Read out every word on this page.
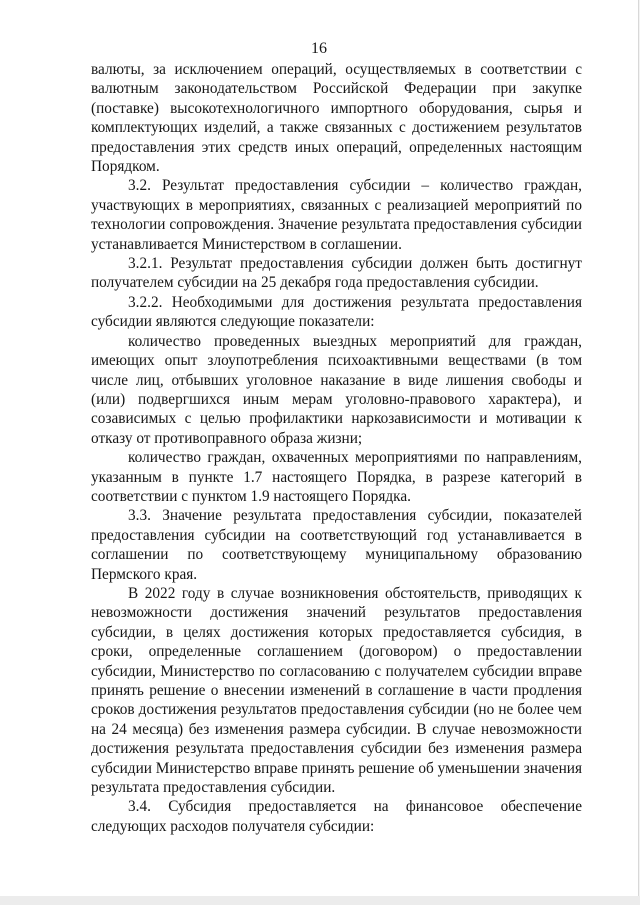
16

валюты, за исключением операций, осуществляемых в соответствии с валютным законодательством Российской Федерации при закупке (поставке) высокотехнологичного импортного оборудования, сырья и комплектующих изделий, а также связанных с достижением результатов предоставления этих средств иных операций, определенных настоящим Порядком.

3.2. Результат предоставления субсидии – количество граждан, участвующих в мероприятиях, связанных с реализацией мероприятий по технологии сопровождения. Значение результата предоставления субсидии устанавливается Министерством в соглашении.

3.2.1. Результат предоставления субсидии должен быть достигнут получателем субсидии на 25 декабря года предоставления субсидии.

3.2.2. Необходимыми для достижения результата предоставления субсидии являются следующие показатели:

количество проведенных выездных мероприятий для граждан, имеющих опыт злоупотребления психоактивными веществами (в том числе лиц, отбывших уголовное наказание в виде лишения свободы и (или) подвергшихся иным мерам уголовно-правового характера), и созависимых с целью профилактики наркозависимости и мотивации к отказу от противоправного образа жизни;

количество граждан, охваченных мероприятиями по направлениям, указанным в пункте 1.7 настоящего Порядка, в разрезе категорий в соответствии с пунктом 1.9 настоящего Порядка.

3.3. Значение результата предоставления субсидии, показателей предоставления субсидии на соответствующий год устанавливается в соглашении по соответствующему муниципальному образованию Пермского края.

В 2022 году в случае возникновения обстоятельств, приводящих к невозможности достижения значений результатов предоставления субсидии, в целях достижения которых предоставляется субсидия, в сроки, определенные соглашением (договором) о предоставлении субсидии, Министерство по согласованию с получателем субсидии вправе принять решение о внесении изменений в соглашение в части продления сроков достижения результатов предоставления субсидии (но не более чем на 24 месяца) без изменения размера субсидии. В случае невозможности достижения результата предоставления субсидии без изменения размера субсидии Министерство вправе принять решение об уменьшении значения результата предоставления субсидии.

3.4. Субсидия предоставляется на финансовое обеспечение следующих расходов получателя субсидии:
